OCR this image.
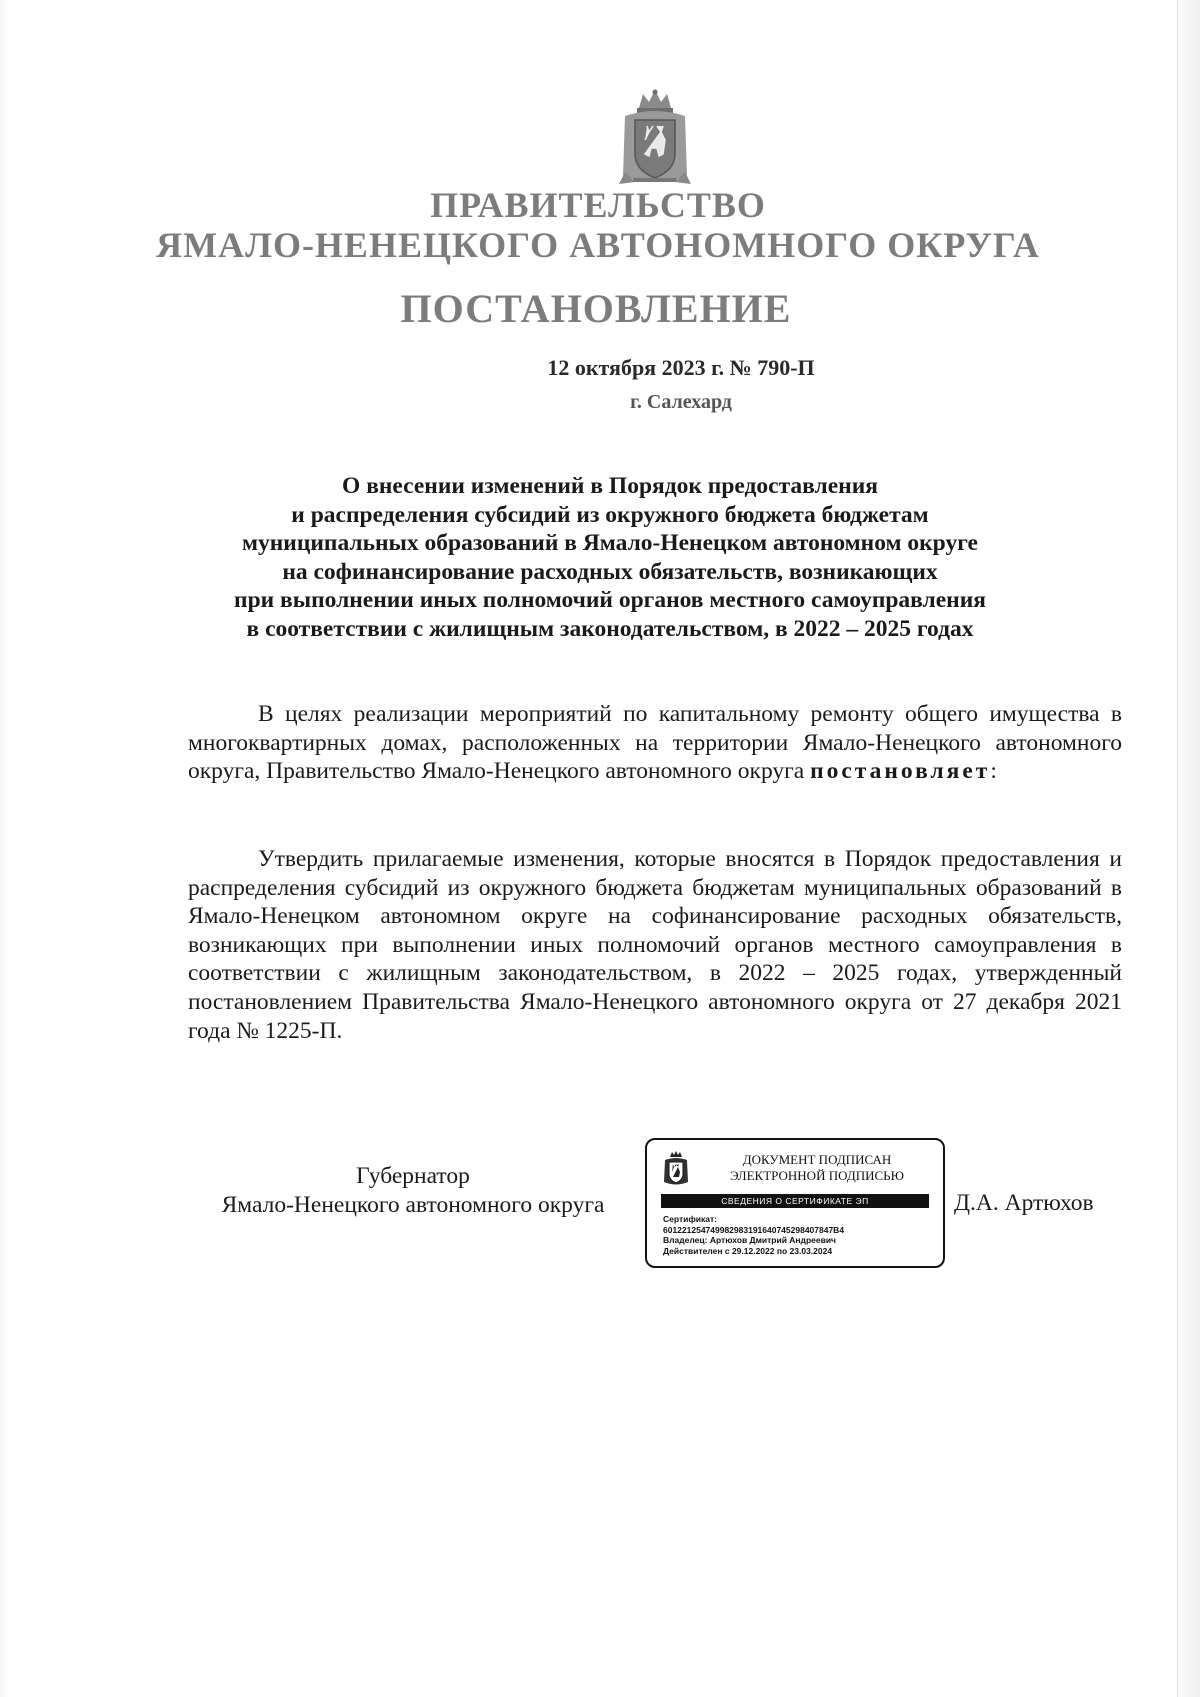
ПРАВИТЕЛЬСТВО
ЯМАЛО-НЕНЕЦКОГО АВТОНОМНОГО ОКРУГА
ПОСТАНОВЛЕНИЕ
12 октября 2023 г. № 790-П
г. Салехард
О внесении изменений в Порядок предоставления
и распределения субсидий из окружного бюджета бюджетам
муниципальных образований в Ямало-Ненецком автономном округе
на софинансирование расходных обязательств, возникающих
при выполнении иных полномочий органов местного самоуправления
в соответствии с жилищным законодательством, в 2022 – 2025 годах

В целях реализации мероприятий по капитальному ремонту общего имущества в многоквартирных домах, расположенных на территории Ямало-Ненецкого автономного округа, Правительство Ямало-Ненецкого автономного округа постановляет:

Утвердить прилагаемые изменения, которые вносятся в Порядок предоставления и распределения субсидий из окружного бюджета бюджетам муниципальных образований в Ямало-Ненецком автономном округе на софинансирование расходных обязательств, возникающих при выполнении иных полномочий органов местного самоуправления в соответствии с жилищным законодательством, в 2022 – 2025 годах, утвержденный постановлением Правительства Ямало-Ненецкого автономного округа от 27 декабря 2021 года № 1225-П.

Губернатор
Ямало-Ненецкого автономного округа
ДОКУМЕНТ ПОДПИСАН
ЭЛЕКТРОННОЙ ПОДПИСЬЮ
СВЕДЕНИЯ О СЕРТИФИКАТЕ ЭП
Сертификат:
601221254749982983191640745298407847В4
Владелец: Артюхов Дмитрий Андреевич
Действителен с 29.12.2022 по 23.03.2024
Д.А. Артюхов
